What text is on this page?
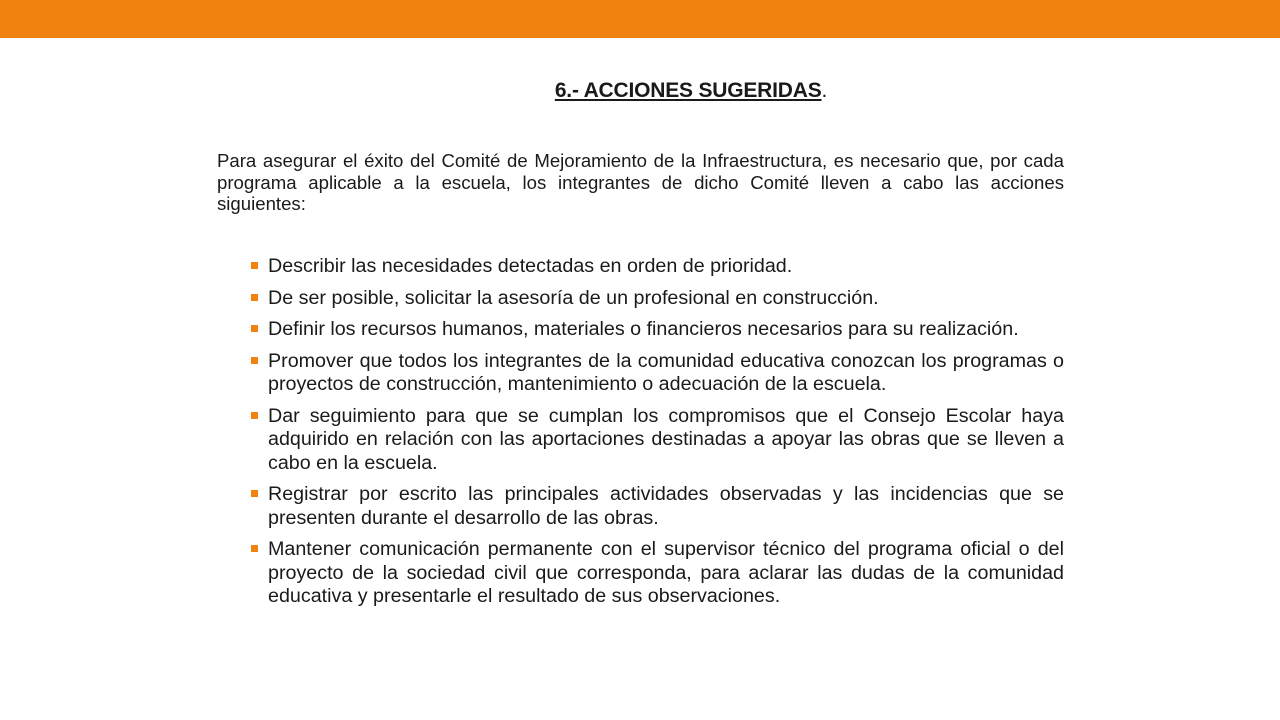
6.- ACCIONES SUGERIDAS.

Para asegurar el éxito del Comité de Mejoramiento de la Infraestructura, es necesario que, por cada programa aplicable a la escuela, los integrantes de dicho Comité lleven a cabo las acciones siguientes:

Describir las necesidades detectadas en orden de prioridad.
De ser posible, solicitar la asesoría de un profesional en construcción.
Definir los recursos humanos, materiales o financieros necesarios para su realización.
Promover que todos los integrantes de la comunidad educativa conozcan los programas o proyectos de construcción, mantenimiento o adecuación de la escuela.
Dar seguimiento para que se cumplan los compromisos que el Consejo Escolar haya adquirido en relación con las aportaciones destinadas a apoyar las obras que se lleven a cabo en la escuela.
Registrar por escrito las principales actividades observadas y las incidencias que se presenten durante el desarrollo de las obras.
Mantener comunicación permanente con el supervisor técnico del programa oficial o del proyecto de la sociedad civil que corresponda, para aclarar las dudas de la comunidad educativa y presentarle el resultado de sus observaciones.
